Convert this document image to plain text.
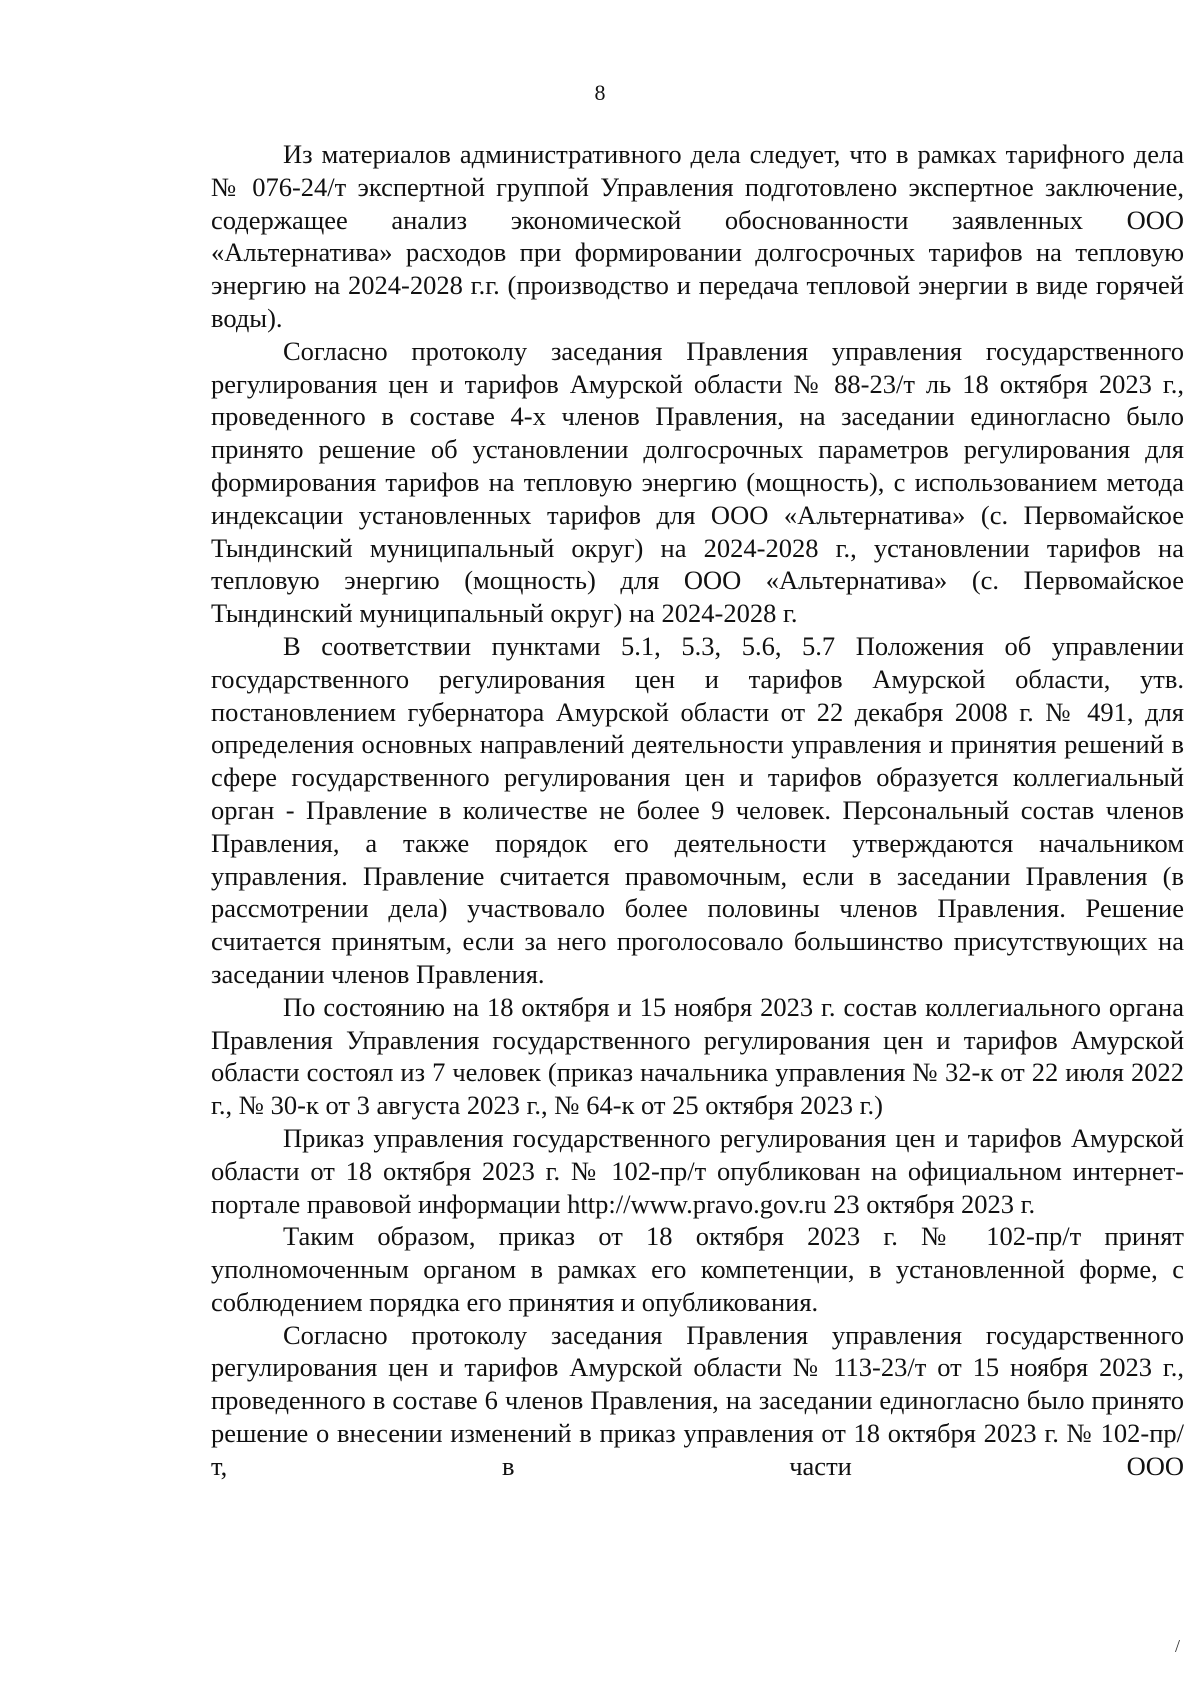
8

Из материалов административного дела следует, что в рамках тарифного дела № 076-24/т экспертной группой Управления подготовлено экспертное заключение, содержащее анализ экономической обоснованности заявленных ООО «Альтернатива» расходов при формировании долгосрочных тарифов на тепловую энергию на 2024-2028 г.г. (производство и передача тепловой энергии в виде горячей воды).

Согласно протоколу заседания Правления управления государственного регулирования цен и тарифов Амурской области № 88-23/т ль 18 октября 2023 г., проведенного в составе 4-х членов Правления, на заседании единогласно было принято решение об установлении долгосрочных параметров регулирования для формирования тарифов на тепловую энергию (мощность), с использованием метода индексации установленных тарифов для ООО «Альтернатива» (с. Первомайское Тындинский муниципальный округ) на 2024-2028 г., установлении тарифов на тепловую энергию (мощность) для ООО «Альтернатива» (с. Первомайское Тындинский муниципальный округ) на 2024-2028 г.

В соответствии пунктами 5.1, 5.3, 5.6, 5.7 Положения об управлении государственного регулирования цен и тарифов Амурской области, утв. постановлением губернатора Амурской области от 22 декабря 2008 г. № 491, для определения основных направлений деятельности управления и принятия решений в сфере государственного регулирования цен и тарифов образуется коллегиальный орган - Правление в количестве не более 9 человек. Персональный состав членов Правления, а также порядок его деятельности утверждаются начальником управления. Правление считается правомочным, если в заседании Правления (в рассмотрении дела) участвовало более половины членов Правления. Решение считается принятым, если за него проголосовало большинство присутствующих на заседании членов Правления.

По состоянию на 18 октября и 15 ноября 2023 г. состав коллегиального органа Правления Управления государственного регулирования цен и тарифов Амурской области состоял из 7 человек (приказ начальника управления № 32-к от 22 июля 2022 г., № 30-к от 3 августа 2023 г., № 64-к от 25 октября 2023 г.)

Приказ управления государственного регулирования цен и тарифов Амурской области от 18 октября 2023 г. № 102-пр/т опубликован на официальном интернет-портале правовой информации http://www.pravo.gov.ru 23 октября 2023 г.

Таким образом, приказ от 18 октября 2023 г. № 102-пр/т принят уполномоченным органом в рамках его компетенции, в установленной форме, с соблюдением порядка его принятия и опубликования.

Согласно протоколу заседания Правления управления государственного регулирования цен и тарифов Амурской области № 113-23/т от 15 ноября 2023 г., проведенного в составе 6 членов Правления, на заседании единогласно было принято решение о внесении изменений в приказ управления от 18 октября 2023 г. № 102-пр/т, в части ООО

/
